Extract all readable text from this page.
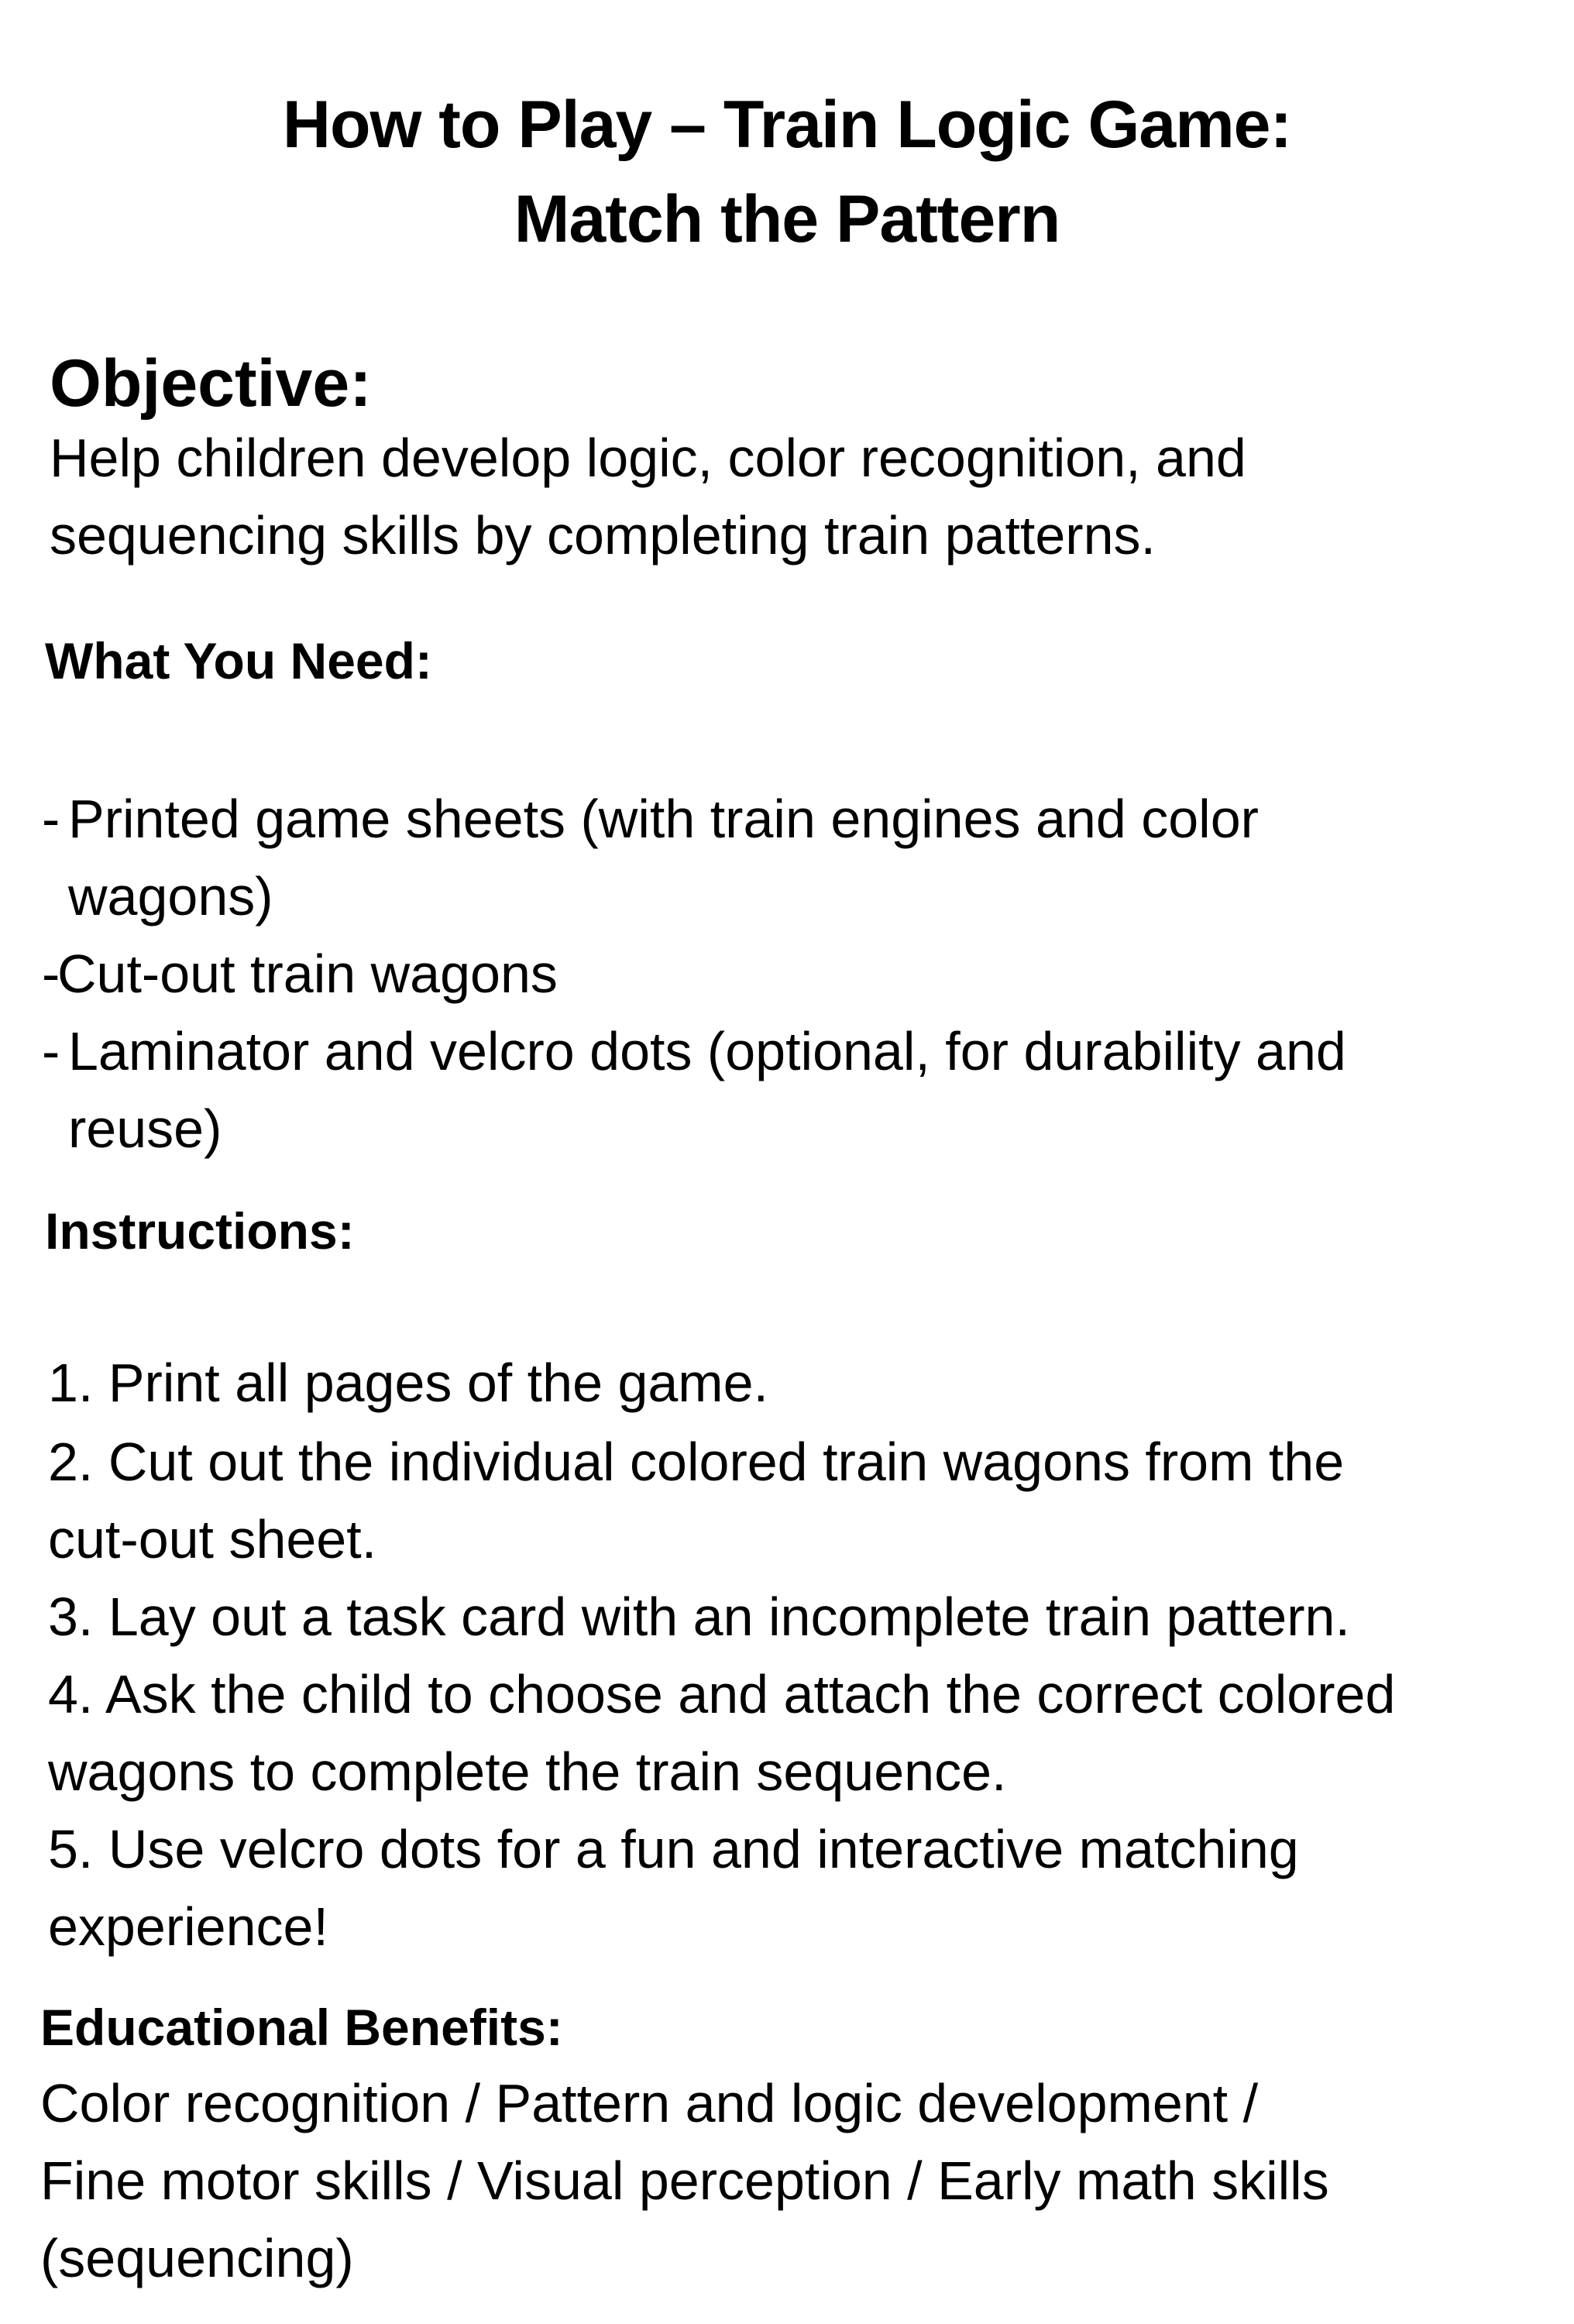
How to Play – Train Logic Game:
Match the Pattern
Objective:
Help children develop logic, color recognition, and
sequencing skills by completing train patterns.
What You Need:
- Printed game sheets (with train engines and color
wagons)
-
Cut-out train wagons
- Laminator and velcro dots (optional, for durability and
reuse)
Instructions:
1. Print all pages of the game.
2. Cut out the individual colored train wagons from the
cut-out sheet.
3. Lay out a task card with an incomplete train pattern.
4. Ask the child to choose and attach the correct colored
wagons to complete the train sequence.
5. Use velcro dots for a fun and interactive matching
experience!
Educational Benefits:
Color recognition / Pattern and logic development /
Fine motor skills / Visual perception / Early math skills
(sequencing)
